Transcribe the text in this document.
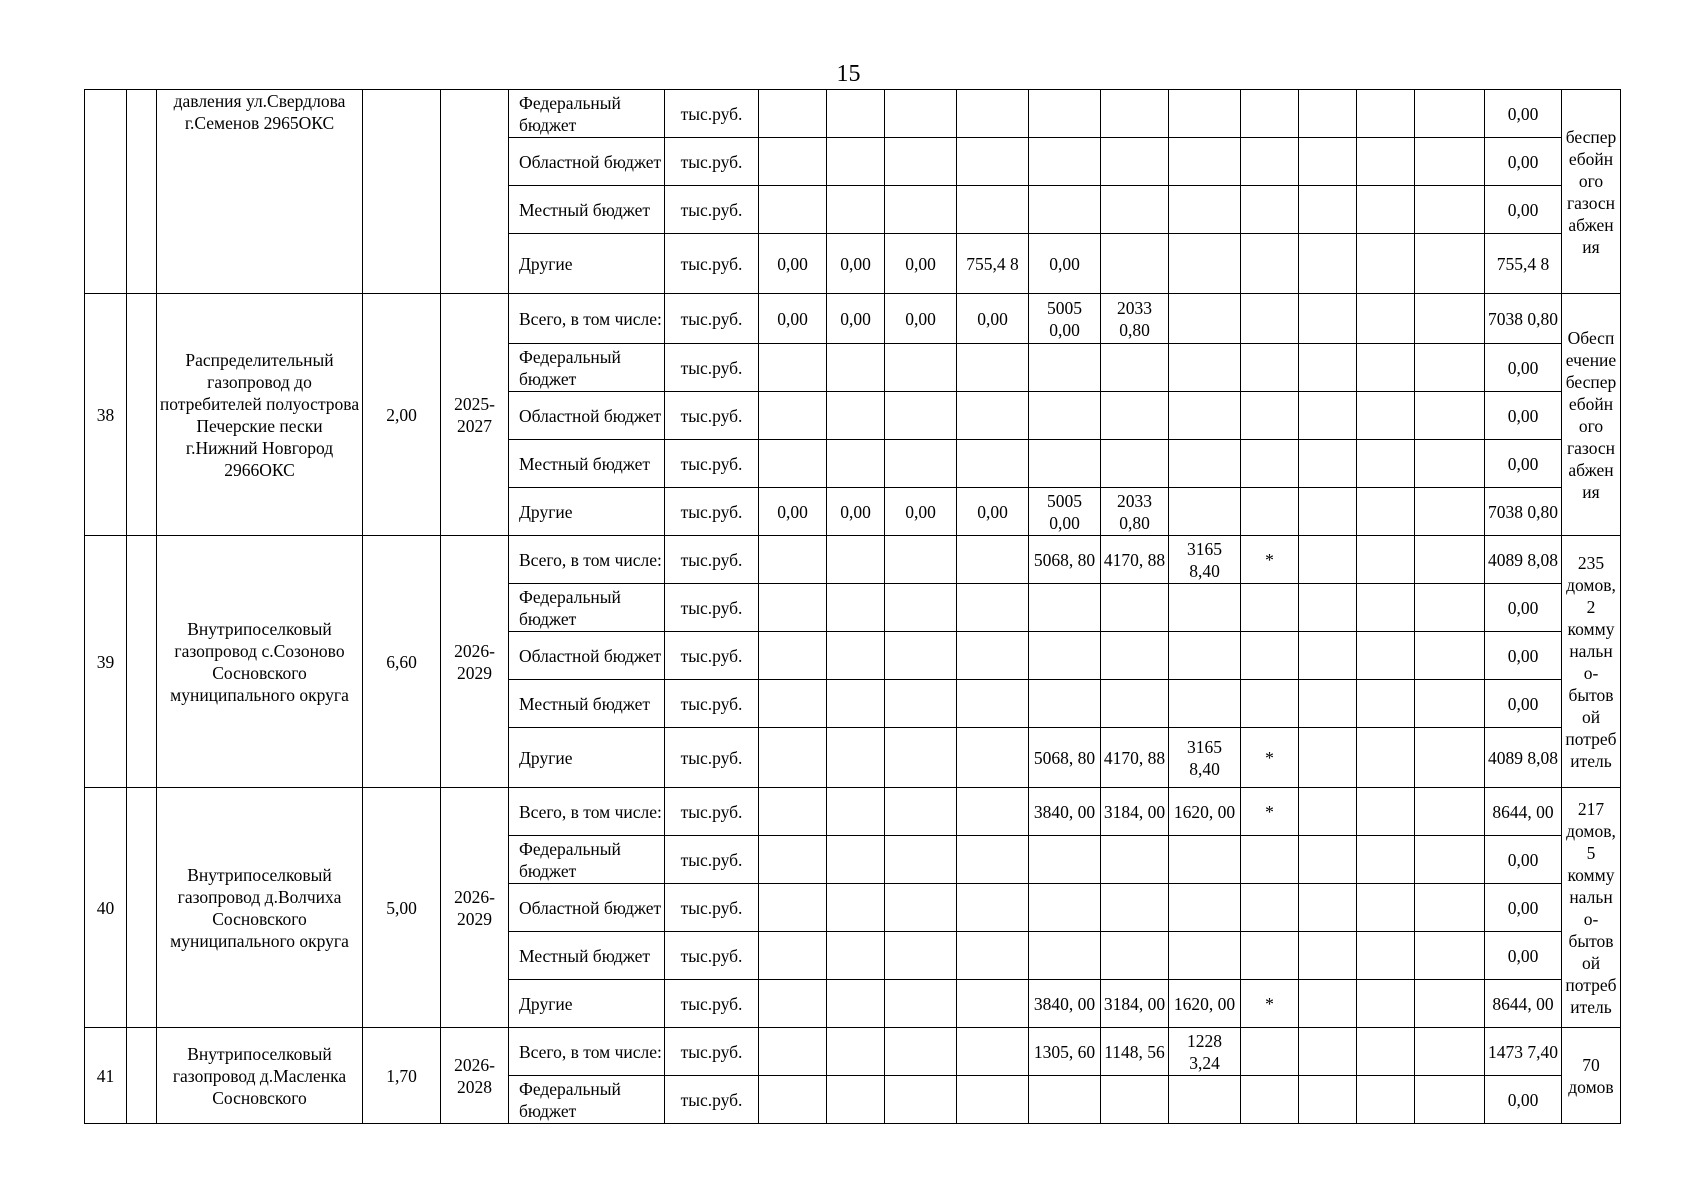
15
		давления ул.Свердлова г.Семенов 2965ОКС			Федеральный бюджет	тыс.руб.												0,00	беспер ебойн ого газосн абжен ия
					Областной бюджет	тыс.руб.												0,00	
					Местный бюджет	тыс.руб.												0,00	
					Другие	тыс.руб.	0,00	0,00	0,00	755,4 8	0,00							755,4 8	
38		Распределительный газопровод до потребителей полуострова Печерские пески г.Нижний Новгород 2966ОКС	2,00	2025- 2027	Всего, в том числе:	тыс.руб.	0,00	0,00	0,00	0,00	5005 0,00	2033 0,80						7038 0,80	Обесп ечение беспер ебойн ого газосн абжен ия
					Федеральный бюджет	тыс.руб.												0,00	
					Областной бюджет	тыс.руб.												0,00	
					Местный бюджет	тыс.руб.												0,00	
					Другие	тыс.руб.	0,00	0,00	0,00	0,00	5005 0,00	2033 0,80						7038 0,80	
39		Внутрипоселковый газопровод с.Созоново Сосновского муниципального округа	6,60	2026- 2029	Всего, в том числе:	тыс.руб.					5068, 80	4170, 88	3165 8,40	*				4089 8,08	235 домов, 2 комму нальн о- бытов ой потреб итель
					Федеральный бюджет	тыс.руб.												0,00	
					Областной бюджет	тыс.руб.												0,00	
					Местный бюджет	тыс.руб.												0,00	
					Другие	тыс.руб.					5068, 80	4170, 88	3165 8,40	*				4089 8,08	
40		Внутрипоселковый газопровод д.Волчиха Сосновского муниципального округа	5,00	2026- 2029	Всего, в том числе:	тыс.руб.					3840, 00	3184, 00	1620, 00	*				8644, 00	217 домов, 5 комму нальн о- бытов ой потреб итель
					Федеральный бюджет	тыс.руб.												0,00	
					Областной бюджет	тыс.руб.												0,00	
					Местный бюджет	тыс.руб.												0,00	
					Другие	тыс.руб.					3840, 00	3184, 00	1620, 00	*				8644, 00	
41		Внутрипоселковый газопровод д.Масленка Сосновского	1,70	2026- 2028	Всего, в том числе:	тыс.руб.					1305, 60	1148, 56	1228 3,24					1473 7,40	70 домов
					Федеральный бюджет	тыс.руб.												0,00	
